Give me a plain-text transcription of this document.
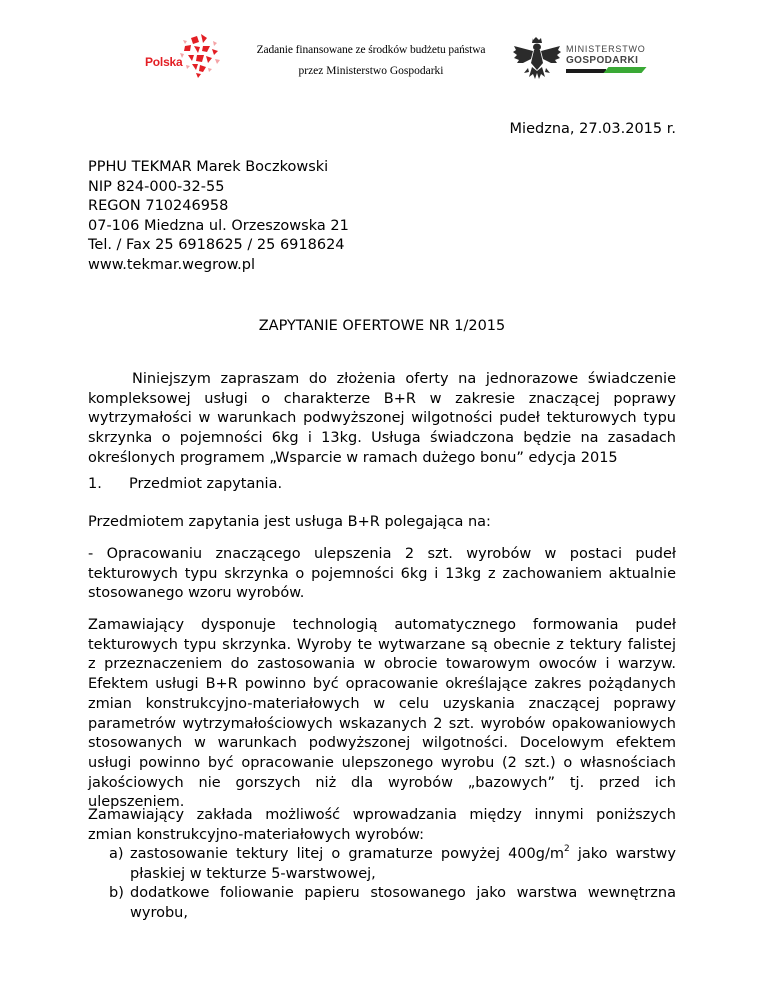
Polska
Zadanie finansowane ze środków budżetu państwa
przez Ministerstwo Gospodarki
MINISTERSTWO
GOSPODARKI
Miedzna, 27.03.2015 r.
PPHU TEKMAR Marek Boczkowski
NIP 824-000-32-55
REGON 710246958
07-106 Miedzna ul. Orzeszowska 21
Tel. / Fax 25 6918625 / 25 6918624
www.tekmar.wegrow.pl
ZAPYTANIE OFERTOWE NR 1/2015
Niniejszym zapraszam do złożenia oferty na jednorazowe świadczenie kompleksowej usługi o charakterze B+R w zakresie znaczącej poprawy wytrzymałości w warunkach podwyższonej wilgotności pudeł tekturowych typu skrzynka o pojemności 6kg i 13kg. Usługa świadczona będzie na zasadach określonych programem „Wsparcie w ramach dużego bonu” edycja 2015
1. Przedmiot zapytania.
Przedmiotem zapytania jest usługa B+R polegająca na:
- Opracowaniu znaczącego ulepszenia 2 szt. wyrobów w postaci pudeł tekturowych typu skrzynka o pojemności 6kg i 13kg z zachowaniem aktualnie stosowanego wzoru wyrobów.
Zamawiający dysponuje technologią automatycznego formowania pudeł tekturowych typu skrzynka. Wyroby te wytwarzane są obecnie z tektury falistej z przeznaczeniem do zastosowania w obrocie towarowym owoców i warzyw. Efektem usługi B+R powinno być opracowanie określające zakres pożądanych zmian konstrukcyjno-materiałowych w celu uzyskania znaczącej poprawy parametrów wytrzymałościowych wskazanych 2 szt. wyrobów opakowaniowych stosowanych w warunkach podwyższonej wilgotności. Docelowym efektem usługi powinno być opracowanie ulepszonego wyrobu (2 szt.) o własnościach jakościowych nie gorszych niż dla wyrobów „bazowych” tj. przed ich ulepszeniem.
Zamawiający zakłada możliwość wprowadzania między innymi poniższych zmian konstrukcyjno-materiałowych wyrobów:
a) zastosowanie tektury litej o gramaturze powyżej $400g/m^2$ jako warstwy płaskiej w tekturze 5-warstwowej,
b) dodatkowe foliowanie papieru stosowanego jako warstwa wewnętrzna wyrobu,
